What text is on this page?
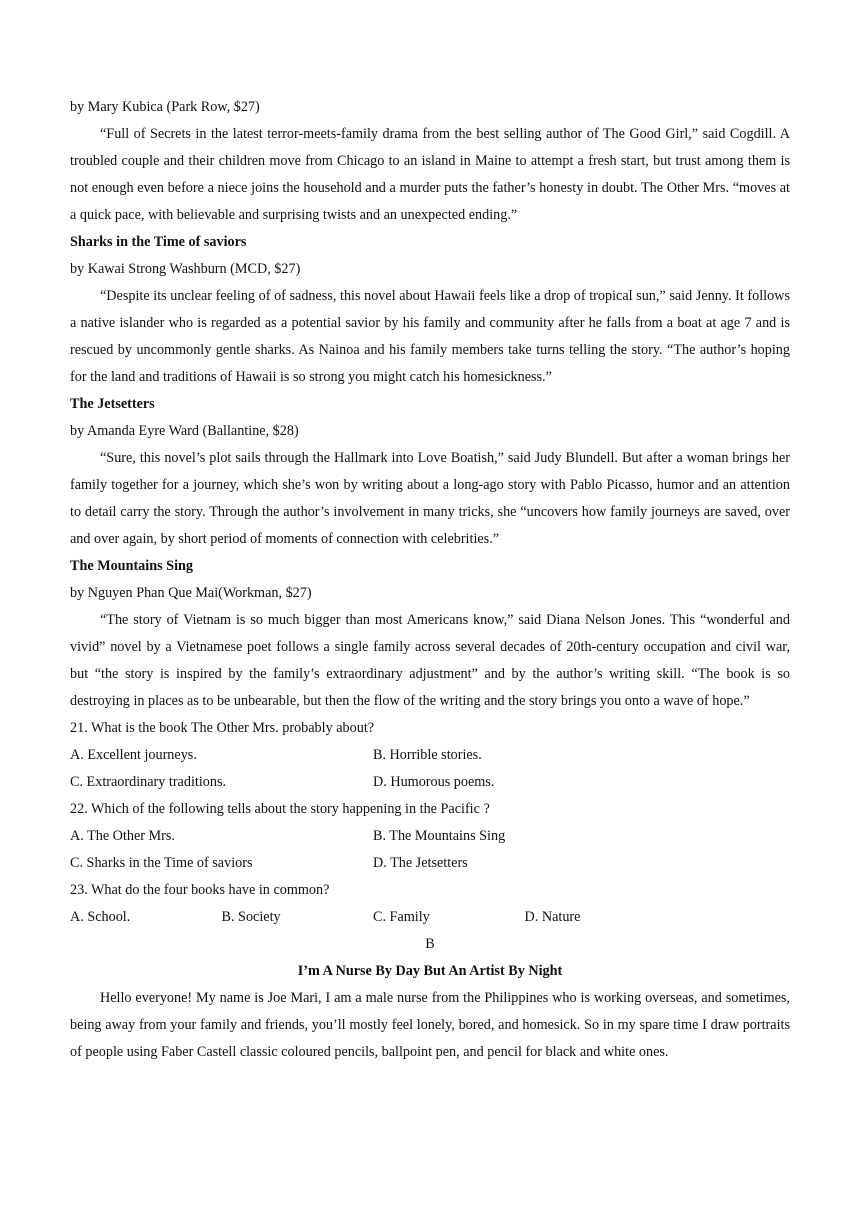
by Mary Kubica (Park Row, $27)

“Full of Secrets in the latest terror-meets-family drama from the best selling author of The Good Girl,” said Cogdill. A troubled couple and their children move from Chicago to an island in Maine to attempt a fresh start, but trust among them is not enough even before a niece joins the household and a murder puts the father’s honesty in doubt. The Other Mrs. “moves at a quick pace, with believable and surprising twists and an unexpected ending.”

Sharks in the Time of saviors

by Kawai Strong Washburn (MCD, $27)

“Despite its unclear feeling of of sadness, this novel about Hawaii feels like a drop of tropical sun,” said Jenny. It follows a native islander who is regarded as a potential savior by his family and community after he falls from a boat at age 7 and is rescued by uncommonly gentle sharks. As Nainoa and his family members take turns telling the story. “The author’s hoping for the land and traditions of Hawaii is so strong you might catch his homesickness.”

The Jetsetters

by Amanda Eyre Ward (Ballantine, $28)

“Sure, this novel’s plot sails through the Hallmark into Love Boatish,” said Judy Blundell. But after a woman brings her family together for a journey, which she’s won by writing about a long-ago story with Pablo Picasso, humor and an attention to detail carry the story. Through the author’s involvement in many tricks, she “uncovers how family journeys are saved, over and over again, by short period of moments of connection with celebrities.”

The Mountains Sing

by Nguyen Phan Que Mai(Workman, $27)

“The story of Vietnam is so much bigger than most Americans know,” said Diana Nelson Jones. This “wonderful and vivid” novel by a Vietnamese poet follows a single family across several decades of 20th-century occupation and civil war, but “the story is inspired by the family’s extraordinary adjustment” and by the author’s writing skill. “The book is so destroying in places as to be unbearable, but then the flow of the writing and the story brings you onto a wave of hope.”

21. What is the book The Other Mrs. probably about?

A. Excellent journeys.	B. Horrible stories.
C. Extraordinary traditions.	D. Humorous poems.

22. Which of the following tells about the story happening in the Pacific ?

A. The Other Mrs.	B. The Mountains Sing
C. Sharks in the Time of saviors	D. The Jetsetters

23. What do the four books have in common?

A. School.	B. Society	C. Family	D. Nature

B

I’m A Nurse By Day But An Artist By Night

Hello everyone! My name is Joe Mari, I am a male nurse from the Philippines who is working overseas, and sometimes, being away from your family and friends, you’ll mostly feel lonely, bored, and homesick. So in my spare time I draw portraits of people using Faber Castell classic coloured pencils, ballpoint pen, and pencil for black and white ones.
